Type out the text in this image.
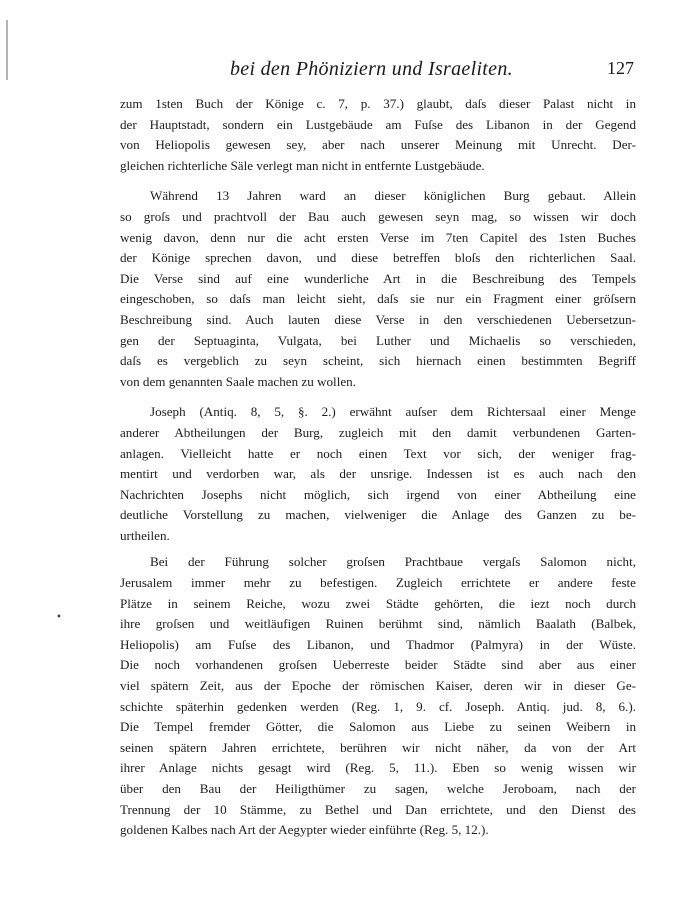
•
bei den Phöniziern und Israeliten.	127
zum 1sten Buch der Könige c. 7, p. 37.) glaubt, daſs dieser Palast nicht in
der Hauptstadt, sondern ein Lustgebäude am Fuſse des Libanon in der Gegend
von Heliopolis gewesen sey, aber nach unserer Meinung mit Unrecht. Der-
gleichen richterliche Säle verlegt man nicht in entfernte Lustgebäude.
Während 13 Jahren ward an dieser königlichen Burg gebaut. Allein
so groſs und prachtvoll der Bau auch gewesen seyn mag, so wissen wir doch
wenig davon, denn nur die acht ersten Verse im 7ten Capitel des 1sten Buches
der Könige sprechen davon, und diese betreffen bloſs den richterlichen Saal.
Die Verse sind auf eine wunderliche Art in die Beschreibung des Tempels
eingeschoben, so daſs man leicht sieht, daſs sie nur ein Fragment einer gröſsern
Beschreibung sind. Auch lauten diese Verse in den verschiedenen Uebersetzun-
gen der Septuaginta, Vulgata, bei Luther und Michaelis so verschieden,
daſs es vergeblich zu seyn scheint, sich hiernach einen bestimmten Begriff
von dem genannten Saale machen zu wollen.
Joseph (Antiq. 8, 5, §. 2.) erwähnt auſser dem Richtersaal einer Menge
anderer Abtheilungen der Burg, zugleich mit den damit verbundenen Garten-
anlagen. Vielleicht hatte er noch einen Text vor sich, der weniger frag-
mentirt und verdorben war, als der unsrige. Indessen ist es auch nach den
Nachrichten Josephs nicht möglich, sich irgend von einer Abtheilung eine
deutliche Vorstellung zu machen, vielweniger die Anlage des Ganzen zu be-
urtheilen.
Bei der Führung solcher groſsen Prachtbaue vergaſs Salomon nicht,
Jerusalem immer mehr zu befestigen. Zugleich errichtete er andere feste
Plätze in seinem Reiche, wozu zwei Städte gehörten, die iezt noch durch
ihre groſsen und weitläufigen Ruinen berühmt sind, nämlich Baalath (Balbek,
Heliopolis) am Fuſse des Libanon, und Thadmor (Palmyra) in der Wüste.
Die noch vorhandenen groſsen Ueberreste beider Städte sind aber aus einer
viel spätern Zeit, aus der Epoche der römischen Kaiser, deren wir in dieser Ge-
schichte späterhin gedenken werden (Reg. 1, 9. cf. Joseph. Antiq. jud. 8, 6.).
Die Tempel fremder Götter, die Salomon aus Liebe zu seinen Weibern in
seinen spätern Jahren errichtete, berühren wir nicht näher, da von der Art
ihrer Anlage nichts gesagt wird (Reg. 5, 11.). Eben so wenig wissen wir
über den Bau der Heiligthümer zu sagen, welche Jeroboam, nach der
Trennung der 10 Stämme, zu Bethel und Dan errichtete, und den Dienst des
goldenen Kalbes nach Art der Aegypter wieder einführte (Reg. 5, 12.).
